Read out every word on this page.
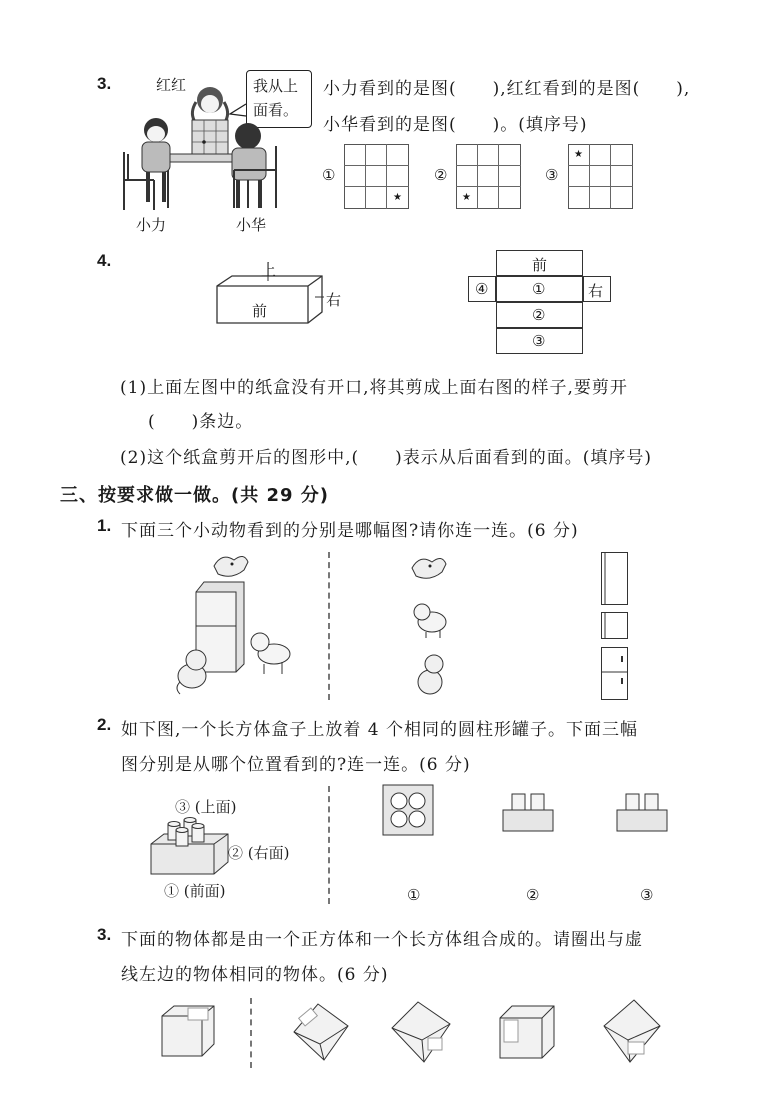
3.	红红	我从上
面看。
小力	小华
小力看到的是图(　　),红红看到的是图(　　),
小华看到的是图(　　)。(填序号)
①
★
②
★
③
★
4.	上
前
右
前
④	①	右
②
③
(1)上面左图中的纸盒没有开口,将其剪成上面右图的样子,要剪开
(　　)条边。
(2)这个纸盒剪开后的图形中,(　　)表示从后面看到的面。(填序号)
三、按要求做一做。(共 29 分)
1. 下面三个小动物看到的分别是哪幅图?请你连一连。(6 分)
2. 如下图,一个长方体盒子上放着 4 个相同的圆柱形罐子。下面三幅
图分别是从哪个位置看到的?连一连。(6 分)
③ (上面)
② (右面)
① (前面)	①	②	③
3. 下面的物体都是由一个正方体和一个长方体组合成的。请圈出与虚
线左边的物体相同的物体。(6 分)
